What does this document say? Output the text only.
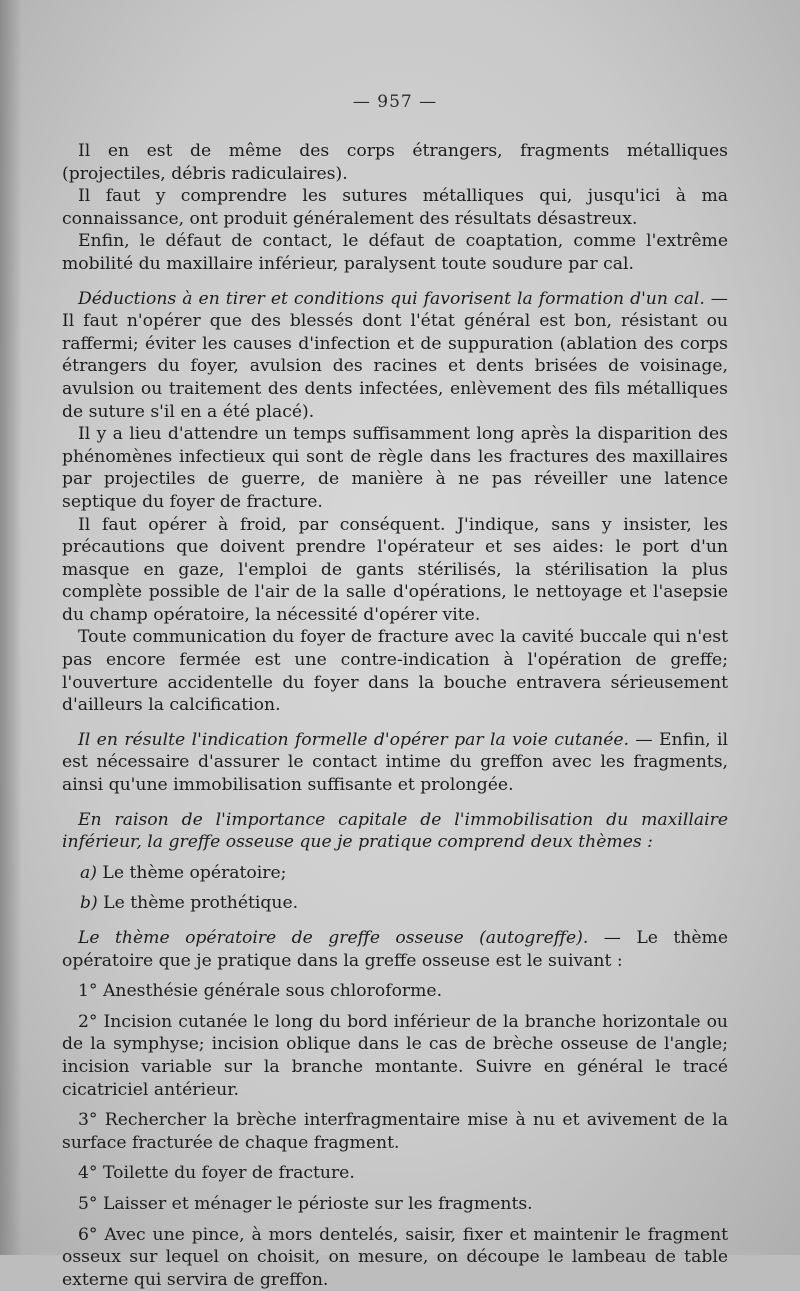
— 957 —

Il en est de même des corps étrangers, fragments métalliques (projectiles, débris radiculaires).

Il faut y comprendre les sutures métalliques qui, jusqu'ici à ma connaissance, ont produit généralement des résultats désastreux.

Enfin, le défaut de contact, le défaut de coaptation, comme l'extrême mobilité du maxillaire inférieur, paralysent toute soudure par cal.

Déductions à en tirer et conditions qui favorisent la formation d'un cal. — Il faut n'opérer que des blessés dont l'état général est bon, résistant ou raffermi; éviter les causes d'infection et de suppuration (ablation des corps étrangers du foyer, avulsion des racines et dents brisées de voisinage, avulsion ou traitement des dents infectées, enlèvement des fils métalliques de suture s'il en a été placé).

Il y a lieu d'attendre un temps suffisamment long après la disparition des phénomènes infectieux qui sont de règle dans les fractures des maxillaires par projectiles de guerre, de manière à ne pas réveiller une latence septique du foyer de fracture.

Il faut opérer à froid, par conséquent. J'indique, sans y insister, les précautions que doivent prendre l'opérateur et ses aides: le port d'un masque en gaze, l'emploi de gants stérilisés, la stérilisation la plus complète possible de l'air de la salle d'opérations, le nettoyage et l'asepsie du champ opératoire, la nécessité d'opérer vite.

Toute communication du foyer de fracture avec la cavité buccale qui n'est pas encore fermée est une contre-indication à l'opération de greffe; l'ouverture accidentelle du foyer dans la bouche entravera sérieusement d'ailleurs la calcification.

Il en résulte l'indication formelle d'opérer par la voie cutanée. — Enfin, il est nécessaire d'assurer le contact intime du greffon avec les fragments, ainsi qu'une immobilisation suffisante et prolongée.

En raison de l'importance capitale de l'immobilisation du maxillaire inférieur, la greffe osseuse que je pratique comprend deux thèmes :

a) Le thème opératoire;

b) Le thème prothétique.

Le thème opératoire de greffe osseuse (autogreffe). — Le thème opératoire que je pratique dans la greffe osseuse est le suivant :

1° Anesthésie générale sous chloroforme.

2° Incision cutanée le long du bord inférieur de la branche horizontale ou de la symphyse; incision oblique dans le cas de brèche osseuse de l'angle; incision variable sur la branche montante. Suivre en général le tracé cicatriciel antérieur.

3° Rechercher la brèche interfragmentaire mise à nu et avivement de la surface fracturée de chaque fragment.

4° Toilette du foyer de fracture.

5° Laisser et ménager le périoste sur les fragments.

6° Avec une pince, à mors dentelés, saisir, fixer et maintenir le fragment osseux sur lequel on choisit, on mesure, on découpe le lambeau de table externe qui servira de greffon.
